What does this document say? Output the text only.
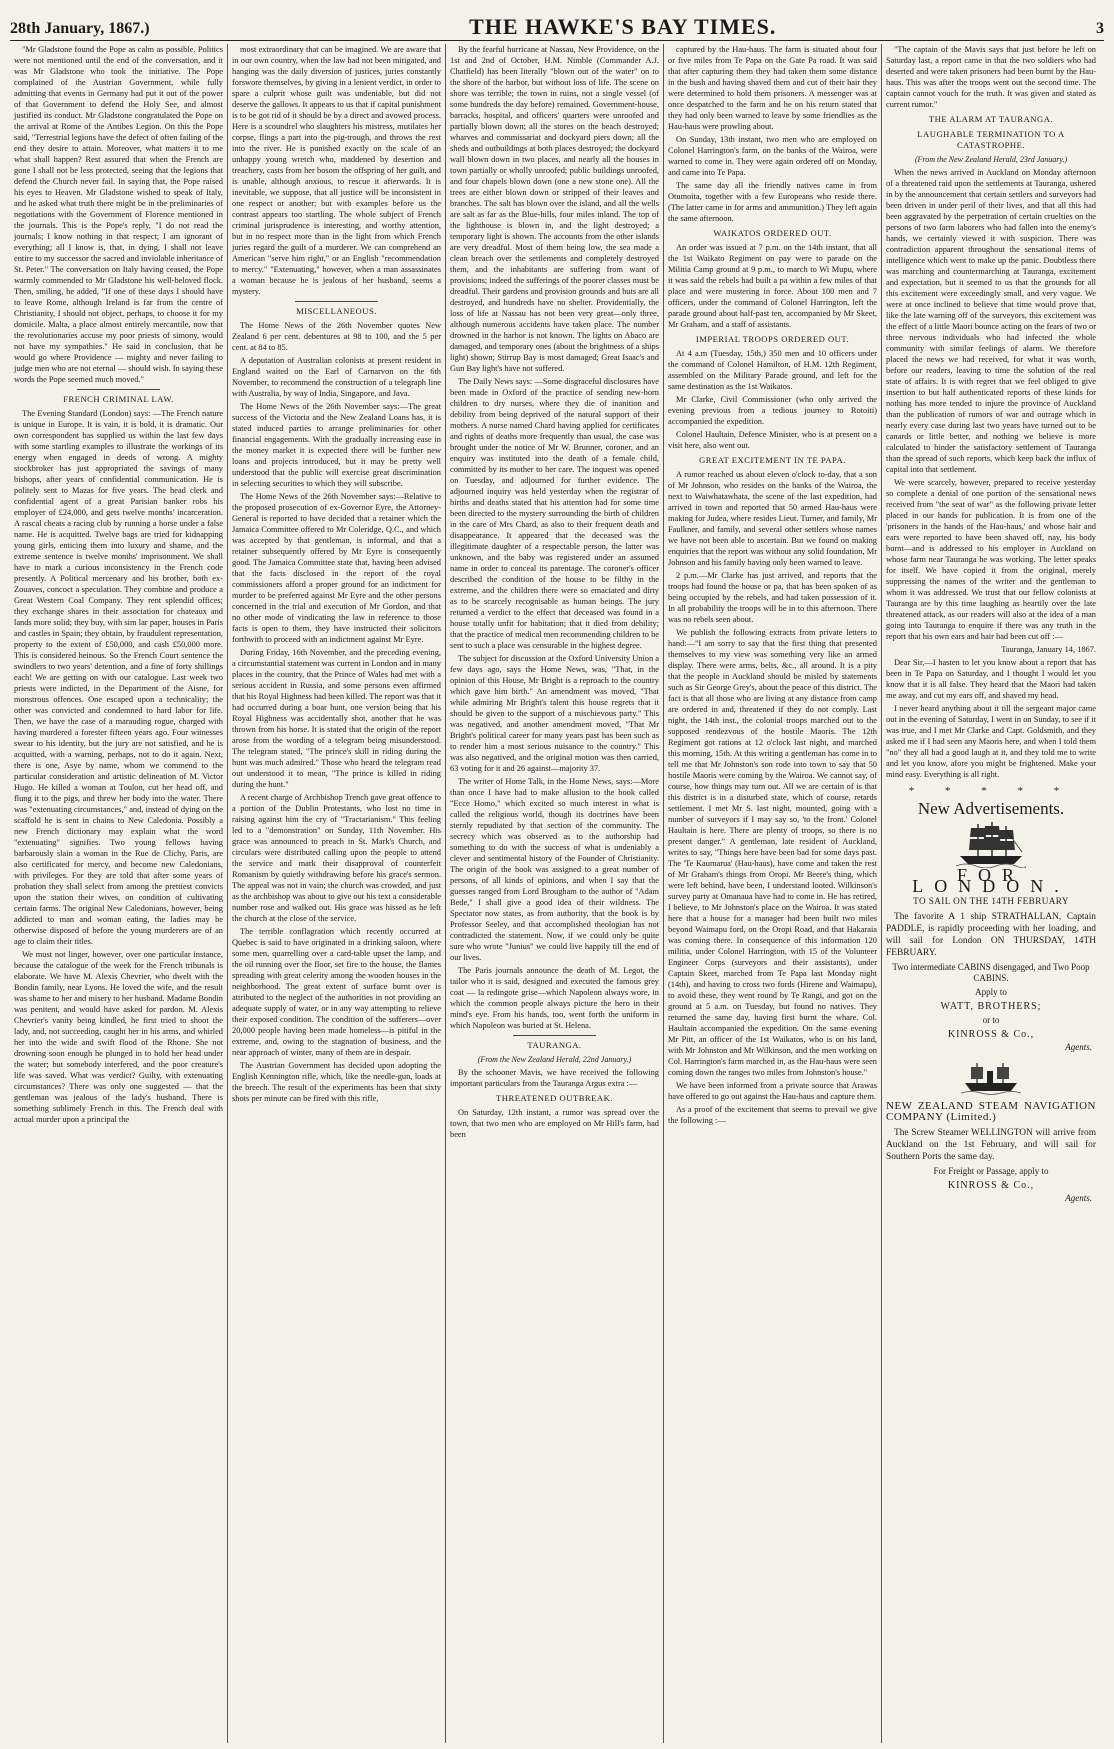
28th January, 1867.)	THE HAWKE'S BAY TIMES.	3

"Mr Gladstone found the Pope as calm as possible. Politics were not mentioned until the end of the conversation, and it was Mr Gladstone who took the initiative. The Pope complained of the Austrian Government, while fully admitting that events in Germany had put it out of the power of that Government to defend the Holy See, and almost justified its conduct. Mr Gladstone congratulated the Pope on the arrival at Rome of the Antibes Legion. On this the Pope said, "Terrestrial legions have the defect of often failing of the end they desire to attain. Moreover, what matters it to me what shall happen? Rest assured that when the French are gone I shall not be less protected, seeing that the legions that defend the Church never fail. In saying that, the Pope raised his eyes to Heaven. Mr Gladstone wished to speak of Italy, and he asked what truth there might be in the preliminaries of negotiations with the Government of Florence mentioned in the journals. This is the Pope's reply, "I do not read the journals; I know nothing in that respect; I am ignorant of everything; all I know is, that, in dying, I shall not leave entire to my successor the sacred and inviolable inheritance of St. Peter." The conversation on Italy having ceased, the Pope warmly commended to Mr Gladstone his well-beloved flock. Then, smiling, he added, "If one of these days I should have to leave Rome, although Ireland is far from the centre of Christianity, I should not object, perhaps, to choose it for my domicile. Malta, a place almost entirely mercantile, now that the revolutionaries accuse my poor priests of simony, would not have my sympathies." He said in conclusion, that he would go where Providence — mighty and never failing to judge men who are not eternal — should wish. In saying these words the Pope seemed much moved."

FRENCH CRIMINAL LAW.

The Evening Standard (London) says: —The French nature is unique in Europe. It is vain, it is bold, it is dramatic. Our own correspondent has supplied us within the last few days with some startling examples to illustrate the workings of its energy when engaged in deeds of wrong. A mighty stockbroker has just appropriated the savings of many bishops, after years of confidential communication. He is politely sent to Mazas for five years. The head clerk and confidential agent of a great Parisian banker robs his employer of £24,000, and gets twelve months' incarceration. A rascal cheats a racing club by running a horse under a false name. He is acquitted. Twelve bags are tried for kidnapping young girls, enticing them into luxury and shame, and the extreme sentence is twelve months' imprisonment. We shall have to mark a curious inconsistency in the French code presently. A Political mercenary and his brother, both ex-Zouaves, concoct a speculation. They combine and produce a Great Western Coal Company. They rent splendid offices; they exchange shares in their association for chateaux and lands more solid; they buy, with sim lar paper, houses in Paris and castles in Spain; they obtain, by fraudulent representation, property to the extent of £50,000, and cash £50,000 more. This is considered heinous. So the French Court sentence the swindlers to two years' detention, and a fine of forty shillings each! We are getting on with our catalogue. Last week two priests were indicted, in the Department of the Aisne, for monstrous offences. One escaped upon a technicality; the other was convicted and condemned to hard labor for life. Then, we have the case of a marauding rogue, charged with having murdered a forester fifteen years ago. Four witnesses swear to his identity, but the jury are not satisfied, and he is acquitted, with a warning, perhaps, not to do it again. Next, there is one, Asye by name, whom we commend to the particular consideration and artistic delineation of M. Victor Hugo. He killed a woman at Toulon, cut her head off, and flung it to the pigs, and threw her body into the water. There was "extenuating circumstances," and, instead of dying on the scaffold he is sent in chains to New Caledonia. Possibly a new French dictionary may explain what the word "extenuating" signifies. Two young fellows having barbarously slain a woman in the Rue de Clichy, Paris, are also certificated for mercy, and become new Caledonians, with privileges. For they are told that after some years of probation they shall select from among the prettiest convicts upon the station their wives, on condition of cultivating certain farms. The original New Caledonians, however, being addicted to man and woman eating, the ladies may be otherwise disposed of before the young murderers are of an age to claim their titles.

We must not linger, however, over one particular instance, because the catalogue of the week for the French tribunals is elaborate. We have M. Alexis Chevrier, who dwelt with the Bondin family, near Lyons. He loved the wife, and the result was shame to her and misery to her husband. Madame Bondin was penitent, and would have asked for pardon. M. Alexis Chevrier's vanity being kindled, he first tried to shoot the lady, and, not succeeding, caught her in his arms, and whirled her into the wide and swift flood of the Rhone. She not drowning soon enough he plunged in to hold her head under the water; but somebody interfered, and the poor creature's life was saved. What was verdict? Guilty, with extenuating circumstances? There was only one suggested — that the gentleman was jealous of the lady's husband. There is something sublimely French in this. The French deal with actual murder upon a principal the

most extraordinary that can be imagined. We are aware that in our own country, when the law had not been mitigated, and hanging was the daily diversion of justices, juries constantly forswore themselves, by giving in a lenient verdict, in order to spare a culprit whose guilt was undeniable, but did not deserve the gallows. It appears to us that if capital punishment is to be got rid of it should be by a direct and avowed process. Here is a scoundrel who slaughters his mistress, mutilates her corpse, flings a part into the pig-trough, and throws the rest into the river. He is punished exactly on the scale of an unhappy young wretch who, maddened by desertion and treachery, casts from her bosom the offspring of her guilt, and is unable, although anxious, to rescue it afterwards. It is inevitable, we suppose, that all justice will be inconsistent in one respect or another; but with examples before us the contrast appears too startling. The whole subject of French criminal jurisprudence is interesting, and worthy attention, but in no respect more than in the light from which French juries regard the guilt of a murderer. We can comprehend an American "serve him right," or an English "recommendation to mercy." "Extenuating," however, when a man assassinates a woman because he is jealous of her husband, seems a mystery.

MISCELLANEOUS.

The Home News of the 26th November quotes New Zealand 6 per cent. debentures at 98 to 100, and the 5 per cent. at 84 to 85.

A deputation of Australian colonists at present resident in England waited on the Earl of Carnarvon on the 6th November, to recommend the construction of a telegraph line with Australia, by way of India, Singapore, and Java.

The Home News of the 26th November says:—The great success of the Victoria and the New Zealand Loans has, it is stated induced parties to arrange preliminaries for other financial engagements. With the gradually increasing ease in the money market it is expected there will be further new loans and projects introduced, but it may be pretty well understood that the public will exercise great discrimination in selecting securities to which they will subscribe.

The Home News of the 26th November says:—Relative to the proposed prosecution of ex-Governor Eyre, the Attorney-General is reported to have decided that a retainer which the Jamaica Committee offered to Mr Coleridge, Q.C., and which was accepted by that gentleman, is informal, and that a retainer subsequently offered by Mr Eyre is consequently good. The Jamaica Committee state that, having been advised that the facts disclosed in the report of the royal commissioners afford a proper ground for an indictment for murder to be preferred against Mr Eyre and the other persons concerned in the trial and execution of Mr Gordon, and that no other mode of vindicating the law in reference to those facts is open to them, they have instructed their solicitors forthwith to proceed with an indictment against Mr Eyre.

During Friday, 16th November, and the preceding evening, a circumstantial statement was current in London and in many places in the country, that the Prince of Wales had met with a serious accident in Russia, and some persons even affirmed that his Royal Highness had been killed. The report was that it had occurred during a boar hunt, one version being that his Royal Highness was accidentally shot, another that he was thrown from his horse. It is stated that the origin of the report arose from the wording of a telegram being misunderstood. The telegram stated, "The prince's skill in riding during the hunt was much admired." Those who heard the telegram read out understood it to mean, "The prince is killed in riding during the hunt."

A recent charge of Archbishop Trench gave great offence to a portion of the Dublin Protestants, who lost no time in raising against him the cry of "Tractarianism." This feeling led to a "demonstration" on Sunday, 11th November. His grace was announced to preach in St. Mark's Church, and circulars were distributed calling upon the people to attend the service and mark their disapproval of counterfeit Romanism by quietly withdrawing before his grace's sermon. The appeal was not in vain; the church was crowded, and just as the archbishop was about to give out his text a considerable number rose and walked out. His grace was hissed as he left the church at the close of the service.

The terrible conflagration which recently occurred at Quebec is said to have originated in a drinking saloon, where some men, quarrelling over a card-table upset the lamp, and the oil running over the floor, set fire to the house, the flames spreading with great celerity among the wooden houses in the neighborhood. The great extent of surface burnt over is attributed to the neglect of the authorities in not providing an adequate supply of water, or in any way attempting to relieve their exposed condition. The condition of the sufferers—over 20,000 people having been made homeless—is pitiful in the extreme, and, owing to the stagnation of business, and the near approach of winter, many of them are in despair.

The Austrian Government has decided upon adopting the English Kennington rifle, which, like the needle-gun, loads at the breech. The result of the experiments has been that sixty shots per minute can be fired with this rifle,

By the fearful hurricane at Nassau, New Providence, on the 1st and 2nd of October, H.M. Nimble (Commander A.J. Chatfield) has been literally "blown out of the water" on to the shore of the harbor, but without loss of life. The scene on shore was terrible; the town in ruins, not a single vessel (of some hundreds the day before) remained. Government-house, barracks, hospital, and officers' quarters were unroofed and partially blown down; all the stores on the beach destroyed; wharves and commissariat and dockyard piers down; all the sheds and outbuildings at both places destroyed; the dockyard wall blown down in two places, and nearly all the houses in town partially or wholly unroofed; public buildings unroofed, and four chapels blown down (one a new stone one). All the trees are either blown down or stripped of their leaves and branches. The salt has blown over the island, and all the wells are salt as far as the Blue-hills, four miles inland. The top of the lighthouse is blown in, and the light destroyed; a temporary light is shown. The accounts from the other islands are very dreadful. Most of them being low, the sea made a clean breach over the settlements and completely destroyed them, and the inhabitants are suffering from want of provisions; indeed the sufferings of the poorer classes must be dreadful. Their gardens and provision grounds and huts are all destroyed, and hundreds have no shelter. Providentially, the loss of life at Nassau has not been very great—only three, although numerous accidents have taken place. The number drowned in the harbor is not known. The lights on Abaco are damaged, and temporary ones (about the brightness of a ships light) shown; Stirrup Bay is most damaged; Great Isaac's and Gun Bay light's have not suffered.

The Daily News says: —Some disgraceful disclosures have been made in Oxford of the practice of sending new-born children to dry nurses, where they die of inanition and debility from being deprived of the natural support of their mothers. A nurse named Chard having applied for certificates and rights of deaths more frequently than usual, the case was brought under the notice of Mr W. Brunner, coroner, and an enquiry was instituted into the death of a female child, committed by its mother to her care. The inquest was opened on Tuesday, and adjourned for further evidence. The adjourned inquiry was held yesterday when the registrar of births and deaths stated that his attention had for some time been directed to the mystery surrounding the birth of children in the care of Mrs Chard, as also to their frequent death and disappearance. It appeared that the deceased was the illegitimate daughter of a respectable person, the latter was unknown, and the baby was registered under an assumed name in order to conceal its parentage. The coroner's officer described the condition of the house to be filthy in the extreme, and the children there were so emaciated and dirty as to be scarcely recognisable as human beings. The jury returned a verdict to the effect that deceased was found in a house totally unfit for habitation; that it died from debility; that the practice of medical men recommending children to be sent to such a place was censurable in the highest degree.

The subject for discussion at the Oxford University Union a few days ago, says the Home News, was, "That, in the opinion of this House, Mr Bright is a reproach to the country which gave him birth." An amendment was moved, "That while admiring Mr Bright's talent this house regrets that it should be given to the support of a mischievous party." This was negatived, and another amendment moved, "That Mr Bright's political career for many years past has been such as to render him a most serious nuisance to the country." This was also negatived, and the original motion was then carried, 63 voting for it and 26 against—majority 37.

The writer of Home Talk, in the Home News, says:—More than once I have had to make allusion to the book called "Ecce Homo," which excited so much interest in what is called the religious world, though its doctrines have been sternly repudiated by that section of the community. The secrecy which was observed as to the authorship had something to do with the success of what is undeniably a clever and sentimental history of the Founder of Christianity. The origin of the book was assigned to a great number of persons, of all kinds of opinions, and when I say that the guesses ranged from Lord Brougham to the author of "Adam Bede," I shall give a good idea of their wildness. The Spectator now states, as from authority, that the book is by Professor Seeley, and that accomplished theologian has not contradicted the statement. Now, if we could only be quite sure who wrote "Junius" we could live happily till the end of our lives.

The Paris journals announce the death of M. Legot, the tailor who it is said, designed and executed the famous grey coat — la redingote grise—which Napoleon always wore, in which the common people always picture the hero in their mind's eye. From his hands, too, went forth the uniform in which Napoleon was buried at St. Helena.

TAURANGA.
(From the New Zealand Herald, 22nd January.)

By the schooner Mavis, we have received the following important particulars from the Tauranga Argus extra :—

THREATENED OUTBREAK.

On Saturday, 12th instant, a rumor was spread over the town, that two men who are employed on Mr Hill's farm, had been

captured by the Hau-haus. The farm is situated about four or five miles from Te Papa on the Gate Pa road. It was said that after capturing them they had taken them some distance in the bush and having shaved them and cut of their hair they were determined to hold them prisoners. A messenger was at once despatched to the farm and he on his return stated that they had only been warned to leave by some friendlies as the Hau-haus were prowling about.

On Sunday, 13th instant, two men who are employed on Colonel Harrington's farm, on the banks of the Wairoa, were warned to come in. They were again ordered off on Monday, and came into Te Papa.

The same day all the friendly natives came in from Otumoita, together with a few Europeans who reside there. (The latter came in for arms and ammunition.) They left again the same afternoon.

WAIKATOS ORDERED OUT.

An order was issued at 7 p.m. on the 14th instant, that all the 1st Waikato Regiment on pay were to parade on the Militia Camp ground at 9 p.m., to march to Wi Mupu, where it was said the rebels had built a pa within a few miles of that place and were mustering in force. About 100 men and 7 officers, under the command of Colonel Harrington, left the parade ground about half-past ten, accompanied by Mr Skeet, Mr Graham, and a staff of assistants.

IMPERIAL TROOPS ORDERED OUT.

At 4 a.m (Tuesday, 15th,) 350 men and 10 officers under the command of Colonel Hamilton, of H.M. 12th Regiment, assembled on the Military Parade ground, and left for the same destination as the 1st Waikatos.

Mr Clarke, Civil Commissioner (who only arrived the evening previous from a tedious journey to Rotoiti) accompanied the expedition.

Colonel Haultain, Defence Minister, who is at present on a visit here, also went out.

GREAT EXCITEMENT IN TE PAPA.

A rumor reached us about eleven o'clock to-day, that a son of Mr Johnson, who resides on the banks of the Wairoa, the next to Waiwhatawhata, the scene of the last expedition, had arrived in town and reported that 50 armed Hau-haus were making for Judea, where resides Lieut. Turner, and family, Mr Faulkner, and family, and several other settlers whose names we have not been able to ascertain. But we found on making enquiries that the report was without any solid foundation, Mr Johnson and his family having only been warned to leave.

2 p.m.—Mr Clarke has just arrived, and reports that the troops had found the house or pa, that has been spoken of as being occupied by the rebels, and had taken possession of it. In all probability the troops will be in to this afternoon. There was no rebels seen about.

We publish the following extracts from private letters to hand:—"I am sorry to say that the first thing that presented themselves to my view was something very like an armed display. There were arms, belts, &c., all around. It is a pity that the people in Auckland should be misled by statements such as Sir George Grey's, about the peace of this district. The fact is that all those who are living at any distance from camp are ordered in and, threatened if they do not comply. Last night, the 14th inst., the colonial troops marched out to the supposed rendezvous of the hostile Maoris. The 12th Regiment got rations at 12 o'clock last night, and marched this morning, 15th. At this writing a gentleman has come in to tell me that Mr Johnston's son rode into town to say that 50 hostile Maoris were coming by the Wairoa. We cannot say, of course, how things may turn out. All we are certain of is that this district is in a disturbed state, which of course, retards settlement. I met Mr S. last night, mounted, going with a number of surveyors if I may say so, 'to the front.' Colonel Haultain is here. There are plenty of troops, so there is no present danger." A gentleman, late resident of Auckland, writes to say, "Things here have been bad for some days past. The 'Te Kaumarua' (Hau-haus), have come and taken the rest of Mr Graham's things from Oropi. Mr Beere's thing, which were left behind, have been, I understand looted. Wilkinson's survey party at Omanaua have had to come in. He has retired, I believe, to Mr Johnston's place on the Wairoa. It was stated here that a house for a manager had been built two miles beyond Waimapu ford, on the Oropi Road, and that Hakaraia was coming there. In consequence of this information 120 militia, under Colonel Harrington, with 15 of the Volunteer Engineer Corps (surveyors and their assistants), under Captain Skeet, marched from Te Papa last Monday night (14th), and having to cross two fords (Hirene and Waimapu), to avoid these, they went round by Te Rangi, and got on the ground at 5 a.m. on Tuesday, but found no natives. They returned the same day, having first burnt the whare. Col. Haultain accompanied the expedition. On the same evening Mr Pitt, an officer of the 1st Waikatos, who is on his land, with Mr Johnston and Mr Wilkinson, and the men working on Col. Harrington's farm marched in, as the Hau-haus were seen coming down the ranges two miles from Johnston's house."

We have been informed from a private source that Arawas have offered to go out against the Hau-haus and capture them.

As a proof of the excitement that seems to prevail we give the following :—

"The captain of the Mavis says that just before he left on Saturday last, a report came in that the two soldiers who had deserted and were taken prisoners had been burnt by the Hau-haus. This was after the troops went out the second time. The captain cannot vouch for the truth. It was given and stated as current rumor."

THE ALARM AT TAURANGA.
LAUGHABLE TERMINATION TO A CATASTROPHE.
(From the New Zealand Herald, 23rd January.)

When the news arrived in Auckland on Monday afternoon of a threatened raid upon the settlements at Tauranga, ushered in by the announcement that certain settlers and surveyors had been driven in under peril of their lives, and that all this had been aggravated by the perpetration of certain cruelties on the persons of two farm laborers who had fallen into the enemy's hands, we certainly viewed it with suspicion. There was contradiction apparent throughout the sensational items of intelligence which went to make up the panic. Doubtless there was marching and countermarching at Tauranga, excitement and expectation, but it seemed to us that the grounds for all this excitement were exceedingly small, and very vague. We were at once inclined to believe that time would prove that, like the late warning off of the surveyors, this excitement was the effect of a little Maori bounce acting on the fears of two or three nervous individuals who had infected the whole community with similar feelings of alarm. We therefore placed the news we had received, for what it was worth, before our readers, leaving to time the solution of the real state of affairs. It is with regret that we feel obliged to give insertion to but half authenticated reports of these kinds for nothing has more tended to injure the province of Auckland than the publication of rumors of war and outrage which in nearly every case during last two years have turned out to be canards or little better, and nothing we believe is more calculated to hinder the satisfactory settlement of Tauranga than the spread of such reports, which keep back the influx of capital into that settlement.

We were scarcely, however, prepared to receive yesterday so complete a denial of one portion of the sensational news received from "the seat of war" as the following private letter placed in our hands for publication. It is from one of the 'prisoners in the hands of the Hau-haus,' and whose hair and ears were reported to have been shaved off, nay, his body burnt—and is addressed to his employer in Auckland on whose farm near Tauranga he was working. The letter speaks for itself. We have copied it from the original, merely suppressing the names of the writer and the gentleman to whom it was addressed. We trust that our fellow colonists at Tauranga are by this time laughing as heartily over the late threatened attack, as our readers will also at the idea of a man going into Tauranga to enquire if there was any truth in the report that his own ears and hair had been cut off :—

Tauranga, January 14, 1867.

Dear Sir,—I hasten to let you know about a report that has been in Te Papa on Saturday, and I thought I would let you know that it is all false. They heard that the Maori had taken me away, and cut my ears off, and shaved my head.

I never heard anything about it till the sergeant major came out in the evening of Saturday, I went in on Sunday, to see if it was true, and I met Mr Clarke and Capt. Goldsmith, and they asked me if I had seen any Maoris here, and when I told them "no" they all had a good laugh at it, and they told me to write and let you know, afore you might be frightened. Make your mind easy. Everything is all right.

* * * * *
New Advertisements.
FOR LONDON.
TO SAIL ON THE 14TH FEBRUARY
The favorite A 1 ship STRATHALLAN, Captain PADDLE, is rapidly proceeding with her loading, and will sail for London ON THURSDAY, 14TH FEBRUARY.
Two intermediate CABINS disengaged, and Two Poop CABINS.
Apply to
WATT, BROTHERS;
or to
KINROSS & Co.,
Agents.
NEW ZEALAND STEAM NAVIGATION COMPANY (Limited.)
The Screw Steamer WELLINGTON will arrive from Auckland on the 1st February, and will sail for Southern Ports the same day.
For Freight or Passage, apply to
KINROSS & Co.,
Agents.
